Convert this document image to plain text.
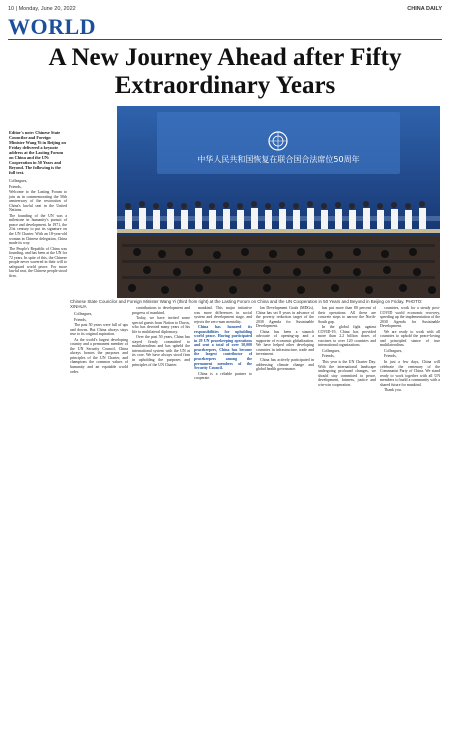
10 | Monday, June 20, 2022	CHINA DAILY
WORLD
A New Journey Ahead after Fifty Extraordinary Years
中华人民共和国恢复在联合国合法席位50周年
Chinese State Councilor and Foreign Minister Wang Yi (third from right) at the Lasting Forum on China and the UN Cooperation in 50 Years and Beyond in Beijing on Friday. PHOTO: XINHUA

Editor's note: Chinese State Councilor and Foreign Minister Wang Yi in Beijing on Friday delivered a keynote address at the Lasting Forum on China and the UN: Cooperation in 50 Years and Beyond. The following is the full text.

Colleagues,

Friends,

Welcome to the Lasting Forum to join us in commemorating the 50th anniversary of the restoration of China's lawful seat in the United Nations.

The founding of the UN was a milestone in humanity's pursuit of peace and development. In 1971, the 21st century to put its signature on the UN Charter. With an 18-year-old woman in Chinese delegation, China made its way.

The People's Republic of China was founding, and has been at the UN for 72 years. In spite of this, the Chinese people never wavered in their will to safeguard world peace. For more lawful seat, the Chinese people stood firm.

Colleagues,

Friends,

The past 50 years were full of ups and downs. But China always stays true to its original aspiration.

As the world's largest developing country and a permanent member of the UN Security Council, China always honors the purposes and principles of the UN Charter, and champions the common values of humanity and an equitable world order.

contributions to development and progress of mankind.

Today, we have invited some special guests from Nation to Davos, who has devoted many years of his life to multilateral diplomacy.

Over the past 50 years, China has stayed firmly committed to multilateralism and has upheld the international system with the UN at its core. We have always stood firm in upholding the purposes and principles of the UN Charter.

mankind. This major initiative was more differences in social system and development stage, and rejects the zero-sum mentality.

China has honored its responsibilities for upholding world peace. Having participated in 29 UN peacekeeping operations and sent a total of over 50,000 peacekeepers, China has become the largest contributor of peacekeepers among the permanent members of the Security Council.

China is a reliable partner to cooperate.

lan Development Goals (MDGs). China has set 8 years in advance of the poverty reduction target of the 2030 Agenda for Sustainable Development.

China has been a staunch advocate of opening-up and a supporter of economic globalization. We have helped other developing countries in infrastructure, trade and investment.

China has actively participated in addressing climate change and global health governance.

has put more than 80 percent of their operations. All these are concrete steps to narrow the North-South gap.

In the global fight against COVID-19, China has provided more than 2.2 billion doses of vaccines to over 120 countries and international organizations.

Colleagues,

Friends,

This year is the UN Charter Day. With the international landscape undergoing profound changes, we should stay committed to peace, development, fairness, justice and win-win cooperation.

countries, work for a steady post-COVID world economic recovery, speeding up the implementation of the 2030 Agenda for Sustainable Development.

We are ready to work with all countries to uphold the peace-loving and principled stance of true multilateralism.

Colleagues,

Friends,

In just a few days, China will celebrate the centenary of the Communist Party of China. We stand ready to work together with all UN members to build a community with a shared future for mankind.

Thank you.
